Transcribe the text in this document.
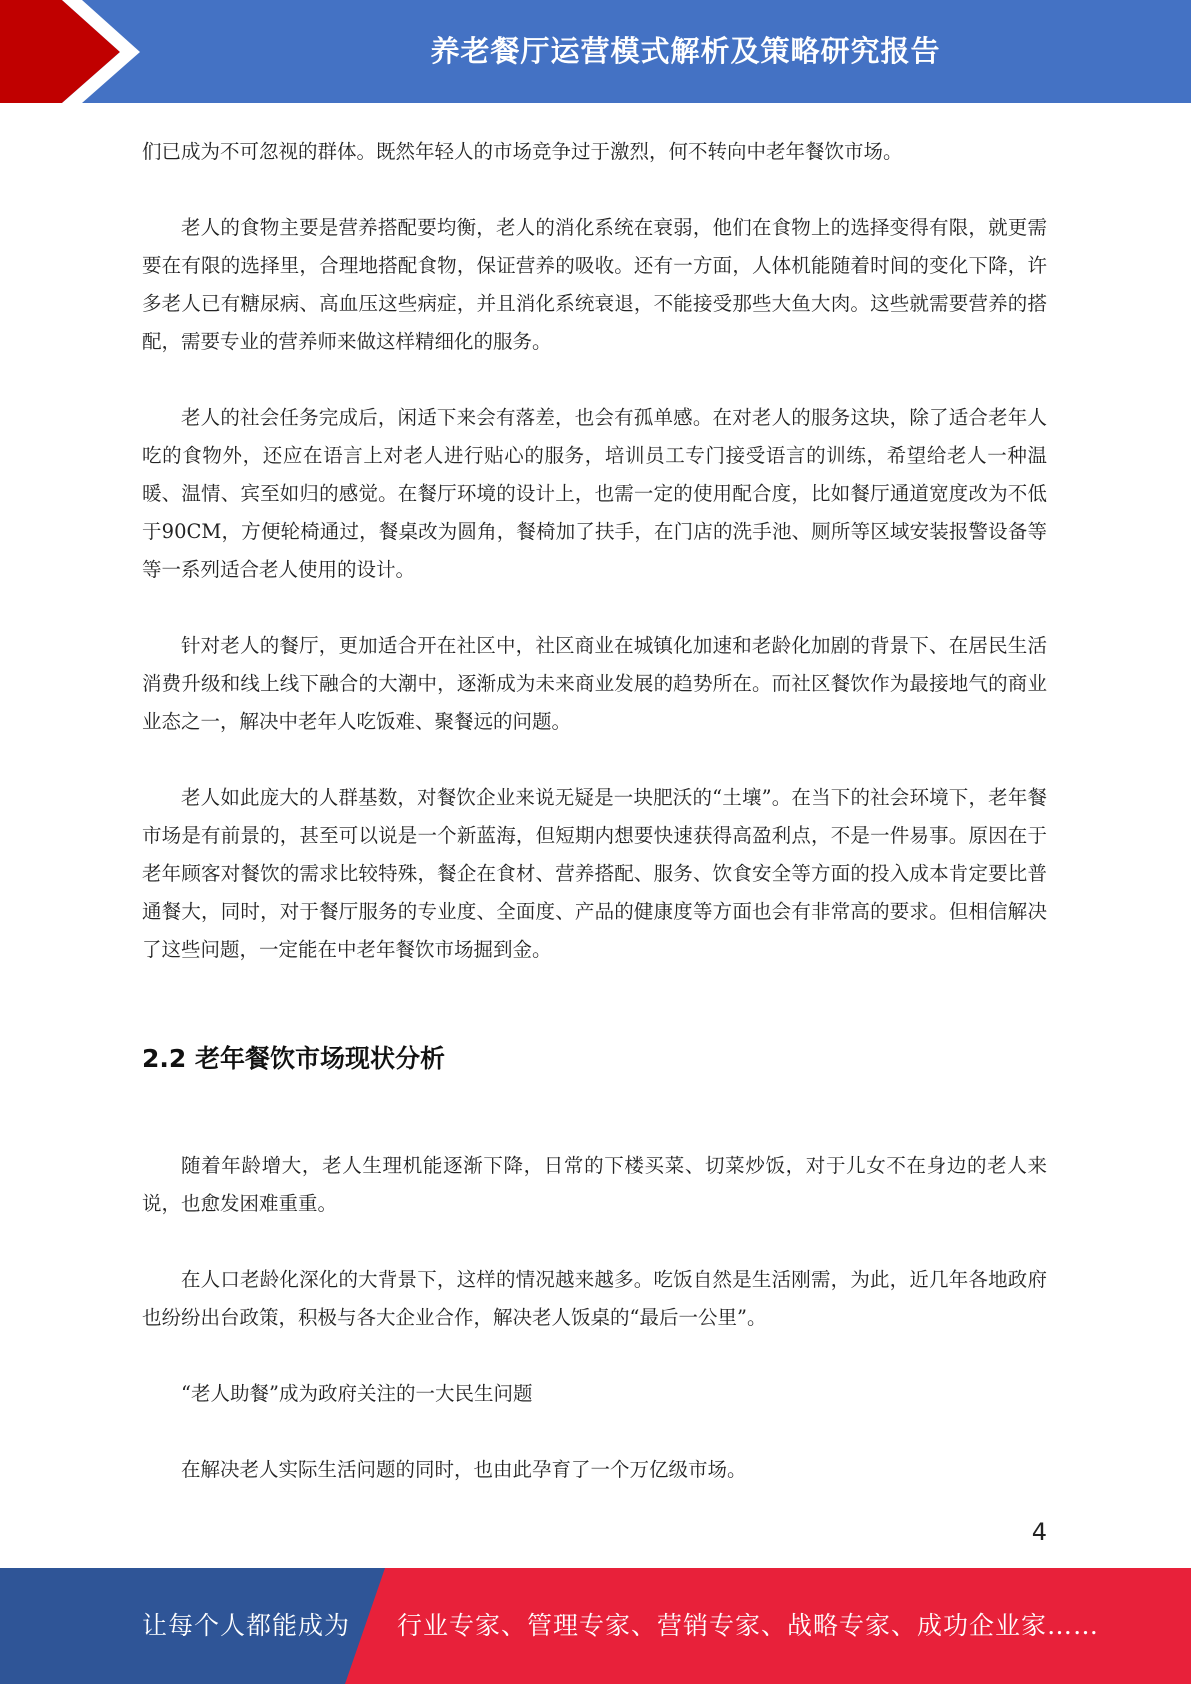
养老餐厅运营模式解析及策略研究报告

们已成为不可忽视的群体。既然年轻人的市场竞争过于激烈，何不转向中老年餐饮市场。

老人的食物主要是营养搭配要均衡，老人的消化系统在衰弱，他们在食物上的选择变得有限，就更需要在有限的选择里，合理地搭配食物，保证营养的吸收。还有一方面，人体机能随着时间的变化下降，许多老人已有糖尿病、高血压这些病症，并且消化系统衰退，不能接受那些大鱼大肉。这些就需要营养的搭配，需要专业的营养师来做这样精细化的服务。

老人的社会任务完成后，闲适下来会有落差，也会有孤单感。在对老人的服务这块，除了适合老年人吃的食物外，还应在语言上对老人进行贴心的服务，培训员工专门接受语言的训练，希望给老人一种温暖、温情、宾至如归的感觉。在餐厅环境的设计上，也需一定的使用配合度，比如餐厅通道宽度改为不低于90CM，方便轮椅通过，餐桌改为圆角，餐椅加了扶手，在门店的洗手池、厕所等区域安装报警设备等等一系列适合老人使用的设计。

针对老人的餐厅，更加适合开在社区中，社区商业在城镇化加速和老龄化加剧的背景下、在居民生活消费升级和线上线下融合的大潮中，逐渐成为未来商业发展的趋势所在。而社区餐饮作为最接地气的商业业态之一，解决中老年人吃饭难、聚餐远的问题。

老人如此庞大的人群基数，对餐饮企业来说无疑是一块肥沃的“土壤”。在当下的社会环境下，老年餐市场是有前景的，甚至可以说是一个新蓝海，但短期内想要快速获得高盈利点，不是一件易事。原因在于老年顾客对餐饮的需求比较特殊，餐企在食材、营养搭配、服务、饮食安全等方面的投入成本肯定要比普通餐大，同时，对于餐厅服务的专业度、全面度、产品的健康度等方面也会有非常高的要求。但相信解决了这些问题，一定能在中老年餐饮市场掘到金。

2.2 老年餐饮市场现状分析

随着年龄增大，老人生理机能逐渐下降，日常的下楼买菜、切菜炒饭，对于儿女不在身边的老人来说，也愈发困难重重。

在人口老龄化深化的大背景下，这样的情况越来越多。吃饭自然是生活刚需，为此，近几年各地政府也纷纷出台政策，积极与各大企业合作，解决老人饭桌的“最后一公里”。

“老人助餐”成为政府关注的一大民生问题

在解决老人实际生活问题的同时，也由此孕育了一个万亿级市场。

4
让每个人都能成为 行业专家、管理专家、营销专家、战略专家、成功企业家……
